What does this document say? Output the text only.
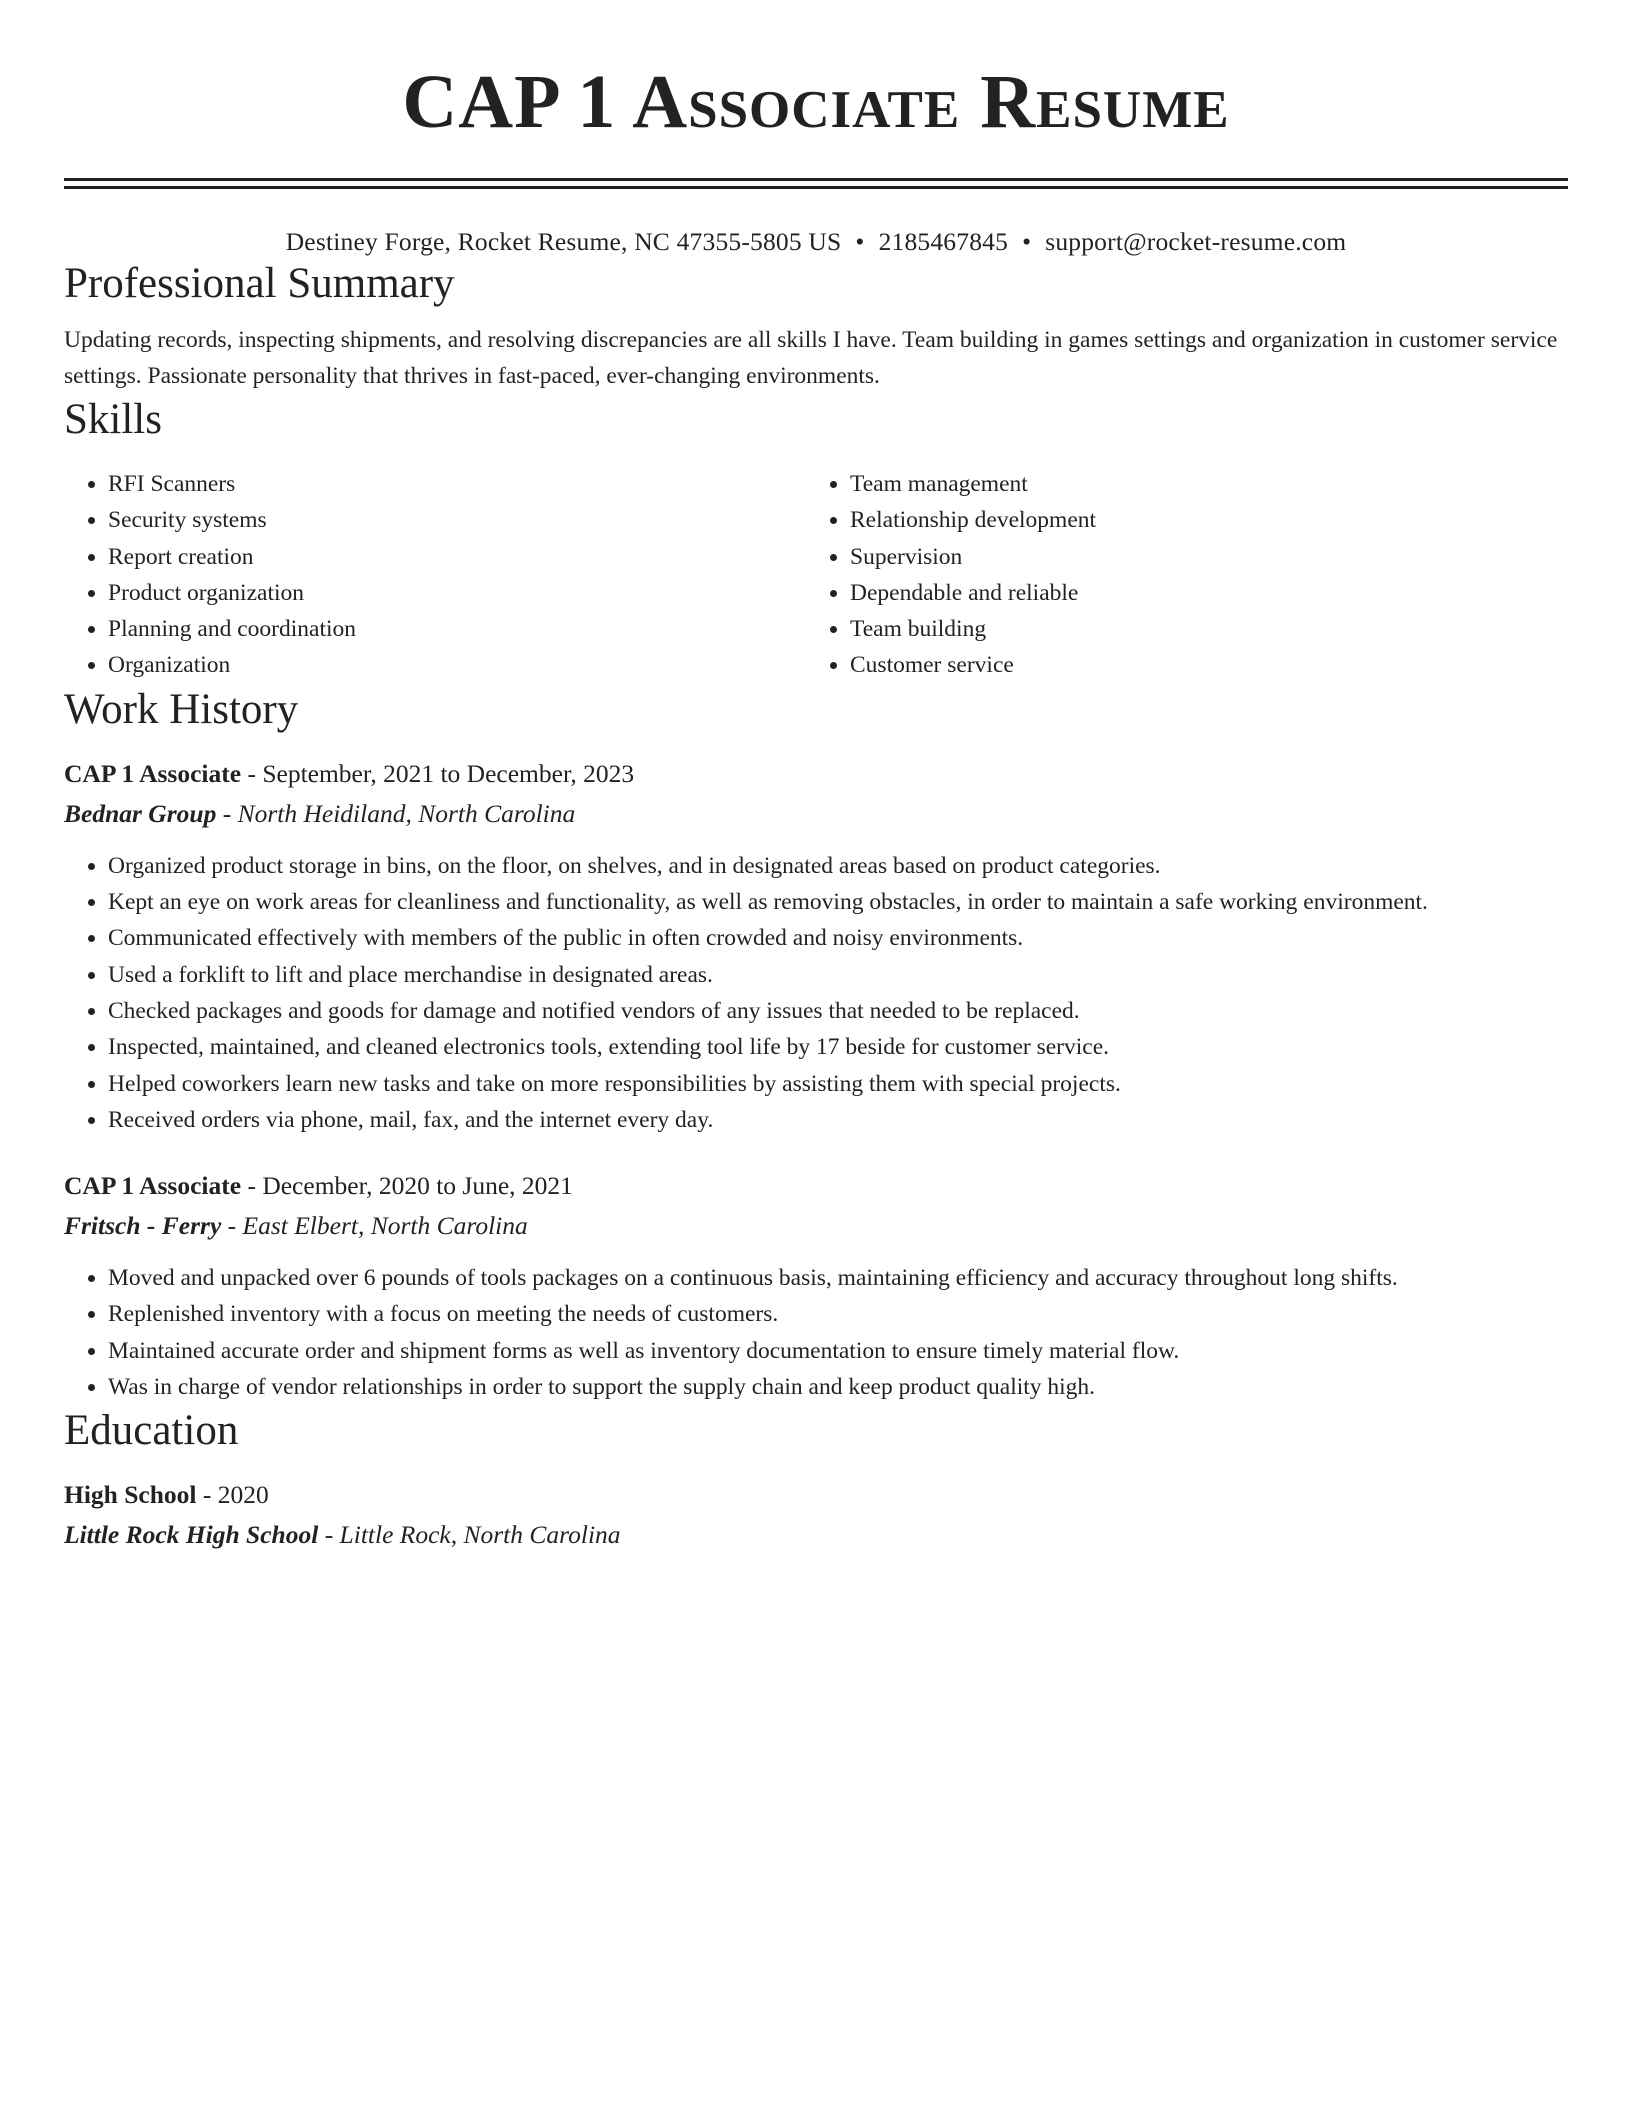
CAP 1 Associate Resume
Destiney Forge, Rocket Resume, NC 47355-5805 US • 2185467845 • support@rocket-resume.com
Professional Summary
Updating records, inspecting shipments, and resolving discrepancies are all skills I have. Team building in games settings and organization in customer service settings. Passionate personality that thrives in fast-paced, ever-changing environments.
Skills
• RFI Scanners
• Security systems
• Report creation
• Product organization
• Planning and coordination
• Organization
• Team management
• Relationship development
• Supervision
• Dependable and reliable
• Team building
• Customer service
Work History
CAP 1 Associate - September, 2021 to December, 2023
Bednar Group - North Heidiland, North Carolina
• Organized product storage in bins, on the floor, on shelves, and in designated areas based on product categories.
• Kept an eye on work areas for cleanliness and functionality, as well as removing obstacles, in order to maintain a safe working environment.
• Communicated effectively with members of the public in often crowded and noisy environments.
• Used a forklift to lift and place merchandise in designated areas.
• Checked packages and goods for damage and notified vendors of any issues that needed to be replaced.
• Inspected, maintained, and cleaned electronics tools, extending tool life by 17 beside for customer service.
• Helped coworkers learn new tasks and take on more responsibilities by assisting them with special projects.
• Received orders via phone, mail, fax, and the internet every day.
CAP 1 Associate - December, 2020 to June, 2021
Fritsch - Ferry - East Elbert, North Carolina
• Moved and unpacked over 6 pounds of tools packages on a continuous basis, maintaining efficiency and accuracy throughout long shifts.
• Replenished inventory with a focus on meeting the needs of customers.
• Maintained accurate order and shipment forms as well as inventory documentation to ensure timely material flow.
• Was in charge of vendor relationships in order to support the supply chain and keep product quality high.
Education
High School - 2020
Little Rock High School - Little Rock, North Carolina
